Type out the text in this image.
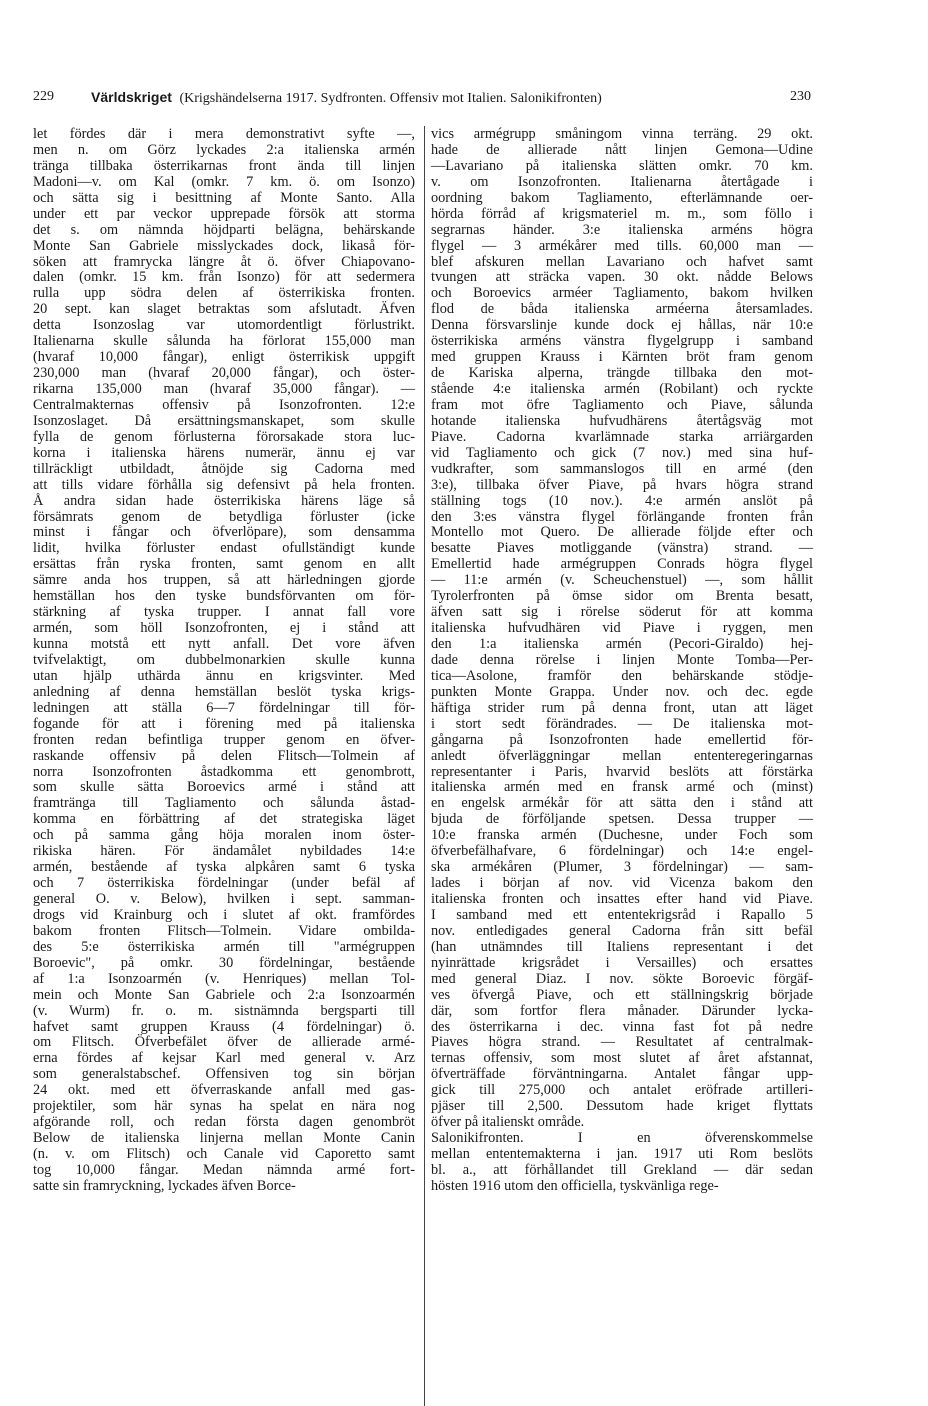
229	Världskriget (Krigshändelserna 1917. Sydfronten. Offensiv mot Italien. Salonikifronten)	230
let fördes där i mera demonstrativt syfte —,
men n. om Görz lyckades 2:a italienska armén
tränga tillbaka österrikarnas front ända till linjen
Madoni—v. om Kal (omkr. 7 km. ö. om Isonzo)
och sätta sig i besittning af Monte Santo. Alla
under ett par veckor upprepade försök att storma
det s. om nämnda höjdparti belägna, behärskande
Monte San Gabriele misslyckades dock, likaså för-
söken att framrycka längre åt ö. öfver Chiapovano-
dalen (omkr. 15 km. från Isonzo) för att sedermera
rulla upp södra delen af österrikiska fronten.
20 sept. kan slaget betraktas som afslutadt. Äfven
detta Isonzoslag var utomordentligt förlustrikt.
Italienarna skulle sålunda ha förlorat 155,000 man
(hvaraf 10,000 fångar), enligt österrikisk uppgift
230,000 man (hvaraf 20,000 fångar), och öster-
rikarna 135,000 man (hvaraf 35,000 fångar). —
Centralmakternas offensiv på Isonzofronten. 12:e
Isonzoslaget. Då ersättningsmanskapet, som skulle
fylla de genom förlusterna förorsakade stora luc-
korna i italienska härens numerär, ännu ej var
tillräckligt utbildadt, åtnöjde sig Cadorna med
att tills vidare förhålla sig defensivt på hela fronten.
Å andra sidan hade österrikiska härens läge så
försämrats genom de betydliga förluster (icke
minst i fångar och öfverlöpare), som densamma
lidit, hvilka förluster endast ofullständigt kunde
ersättas från ryska fronten, samt genom en allt
sämre anda hos truppen, så att härledningen gjorde
hemställan hos den tyske bundsförvanten om för-
stärkning af tyska trupper. I annat fall vore
armén, som höll Isonzofronten, ej i stånd att
kunna motstå ett nytt anfall. Det vore äfven
tvifvelaktigt, om dubbelmonarkien skulle kunna
utan hjälp uthärda ännu en krigsvinter. Med
anledning af denna hemställan beslöt tyska krigs-
ledningen att ställa 6—7 fördelningar till för-
fogande för att i förening med på italienska
fronten redan befintliga trupper genom en öfver-
raskande offensiv på delen Flitsch—Tolmein af
norra Isonzofronten åstadkomma ett genombrott,
som skulle sätta Boroevics armé i stånd att
framtränga till Tagliamento och sålunda åstad-
komma en förbättring af det strategiska läget
och på samma gång höja moralen inom öster-
rikiska hären. För ändamålet nybildades 14:e
armén, bestående af tyska alpkåren samt 6 tyska
och 7 österrikiska fördelningar (under befäl af
general O. v. Below), hvilken i sept. samman-
drogs vid Krainburg och i slutet af okt. framfördes
bakom fronten Flitsch—Tolmein. Vidare ombilda-
des 5:e österrikiska armén till "armégruppen
Boroevic", på omkr. 30 fördelningar, bestående
af 1:a Isonzoarmén (v. Henriques) mellan Tol-
mein och Monte San Gabriele och 2:a Isonzoarmén
(v. Wurm) fr. o. m. sistnämnda bergsparti till
hafvet samt gruppen Krauss (4 fördelningar) ö.
om Flitsch. Öfverbefälet öfver de allierade armé-
erna fördes af kejsar Karl med general v. Arz
som generalstabschef. Offensiven tog sin början
24 okt. med ett öfverraskande anfall med gas-
projektiler, som här synas ha spelat en nära nog
afgörande roll, och redan första dagen genombröt
Below de italienska linjerna mellan Monte Canin
(n. v. om Flitsch) och Canale vid Caporetto samt
tog 10,000 fångar. Medan nämnda armé fort-
satte sin framryckning, lyckades äfven Borce-
vics armégrupp småningom vinna terräng. 29 okt.
hade de allierade nått linjen Gemona—Udine
—Lavariano på italienska slätten omkr. 70 km.
v. om Isonzofronten. Italienarna återtågade i
oordning bakom Tagliamento, efterlämnande oer-
hörda förråd af krigsmateriel m. m., som föllo i
segrarnas händer. 3:e italienska arméns högra
flygel — 3 armékårer med tills. 60,000 man —
blef afskuren mellan Lavariano och hafvet samt
tvungen att sträcka vapen. 30 okt. nådde Belows
och Boroevics arméer Tagliamento, bakom hvilken
flod de båda italienska arméerna återsamlades.
Denna försvarslinje kunde dock ej hållas, när 10:e
österrikiska arméns vänstra flygelgrupp i samband
med gruppen Krauss i Kärnten bröt fram genom
de Kariska alperna, trängde tillbaka den mot-
stående 4:e italienska armén (Robilant) och ryckte
fram mot öfre Tagliamento och Piave, sålunda
hotande italienska hufvudhärens återtågsväg mot
Piave. Cadorna kvarlämnade starka arriärgarden
vid Tagliamento och gick (7 nov.) med sina huf-
vudkrafter, som sammanslogos till en armé (den
3:e), tillbaka öfver Piave, på hvars högra strand
ställning togs (10 nov.). 4:e armén anslöt på
den 3:es vänstra flygel förlängande fronten från
Montello mot Quero. De allierade följde efter och
besatte Piaves motliggande (vänstra) strand. —
Emellertid hade armégruppen Conrads högra flygel
— 11:e armén (v. Scheuchenstuel) —, som hållit
Tyrolerfronten på ömse sidor om Brenta besatt,
äfven satt sig i rörelse söderut för att komma
italienska hufvudhären vid Piave i ryggen, men
den 1:a italienska armén (Pecori-Giraldo) hej-
dade denna rörelse i linjen Monte Tomba—Per-
tica—Asolone, framför den behärskande stödje-
punkten Monte Grappa. Under nov. och dec. egde
häftiga strider rum på denna front, utan att läget
i stort sedt förändrades. — De italienska mot-
gångarna på Isonzofronten hade emellertid för-
anledt öfverläggningar mellan ententeregeringarnas
representanter i Paris, hvarvid beslöts att förstärka
italienska armén med en fransk armé och (minst)
en engelsk armékår för att sätta den i stånd att
bjuda de förföljande spetsen. Dessa trupper —
10:e franska armén (Duchesne, under Foch som
öfverbefälhafvare, 6 fördelningar) och 14:e engel-
ska armékåren (Plumer, 3 fördelningar) — sam-
lades i början af nov. vid Vicenza bakom den
italienska fronten och insattes efter hand vid Piave.
I samband med ett ententekrigsråd i Rapallo 5
nov. entledigades general Cadorna från sitt befäl
(han utnämndes till Italiens representant i det
nyinrättade krigsrådet i Versailles) och ersattes
med general Diaz. I nov. sökte Boroevic förgäf-
ves öfvergå Piave, och ett ställningskrig började
där, som fortfor flera månader. Därunder lycka-
des österrikarna i dec. vinna fast fot på nedre
Piaves högra strand. — Resultatet af centralmak-
ternas offensiv, som most slutet af året afstannat,
öfverträffade förväntningarna. Antalet fångar upp-
gick till 275,000 och antalet eröfrade artilleri-
pjäser till 2,500. Dessutom hade kriget flyttats
öfver på italienskt område.
Salonikifronten. I en öfverenskommelse
mellan ententemakterna i jan. 1917 uti Rom beslöts
bl. a., att förhållandet till Grekland — där sedan
hösten 1916 utom den officiella, tyskvänliga rege-
